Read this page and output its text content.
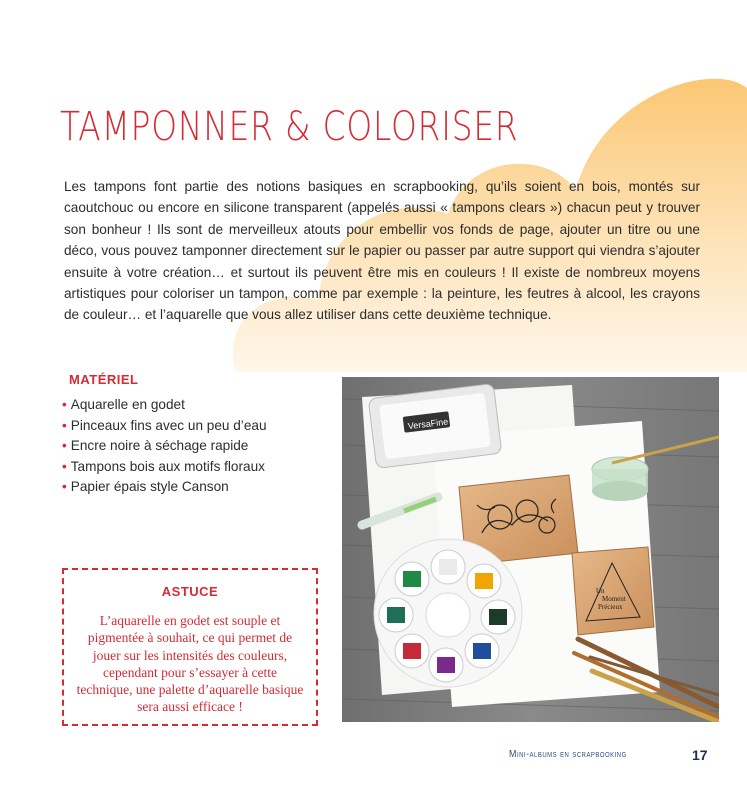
TAMPONNER & COLORISER

Les tampons font partie des notions basiques en scrapbooking, qu’ils soient en bois, montés sur caoutchouc ou encore en silicone transparent (appelés aussi « tampons clears ») chacun peut y trouver son bonheur ! Ils sont de merveilleux atouts pour embellir vos fonds de page, ajouter un titre ou une déco, vous pouvez tamponner directement sur le papier ou passer par autre support qui viendra s’ajouter ensuite à votre création… et surtout ils peuvent être mis en couleurs ! Il existe de nombreux moyens artistiques pour coloriser un tampon, comme par exemple : la peinture, les feutres à alcool, les crayons de couleur… et l’aquarelle que vous allez utiliser dans cette deuxième technique.

MATÉRIEL
• Aquarelle en godet
• Pinceaux fins avec un peu d’eau
• Encre noire à séchage rapide
• Tampons bois aux motifs floraux
• Papier épais style Canson
VersaFine
Un
Moment
Précieux
ASTUCE

L’aquarelle en godet est souple et pigmentée à souhait, ce qui permet de jouer sur les intensités des couleurs, cependant pour s’essayer à cette technique, une palette d’aquarelle basique sera aussi efficace !

Mini-albums en scrapbooking	17
